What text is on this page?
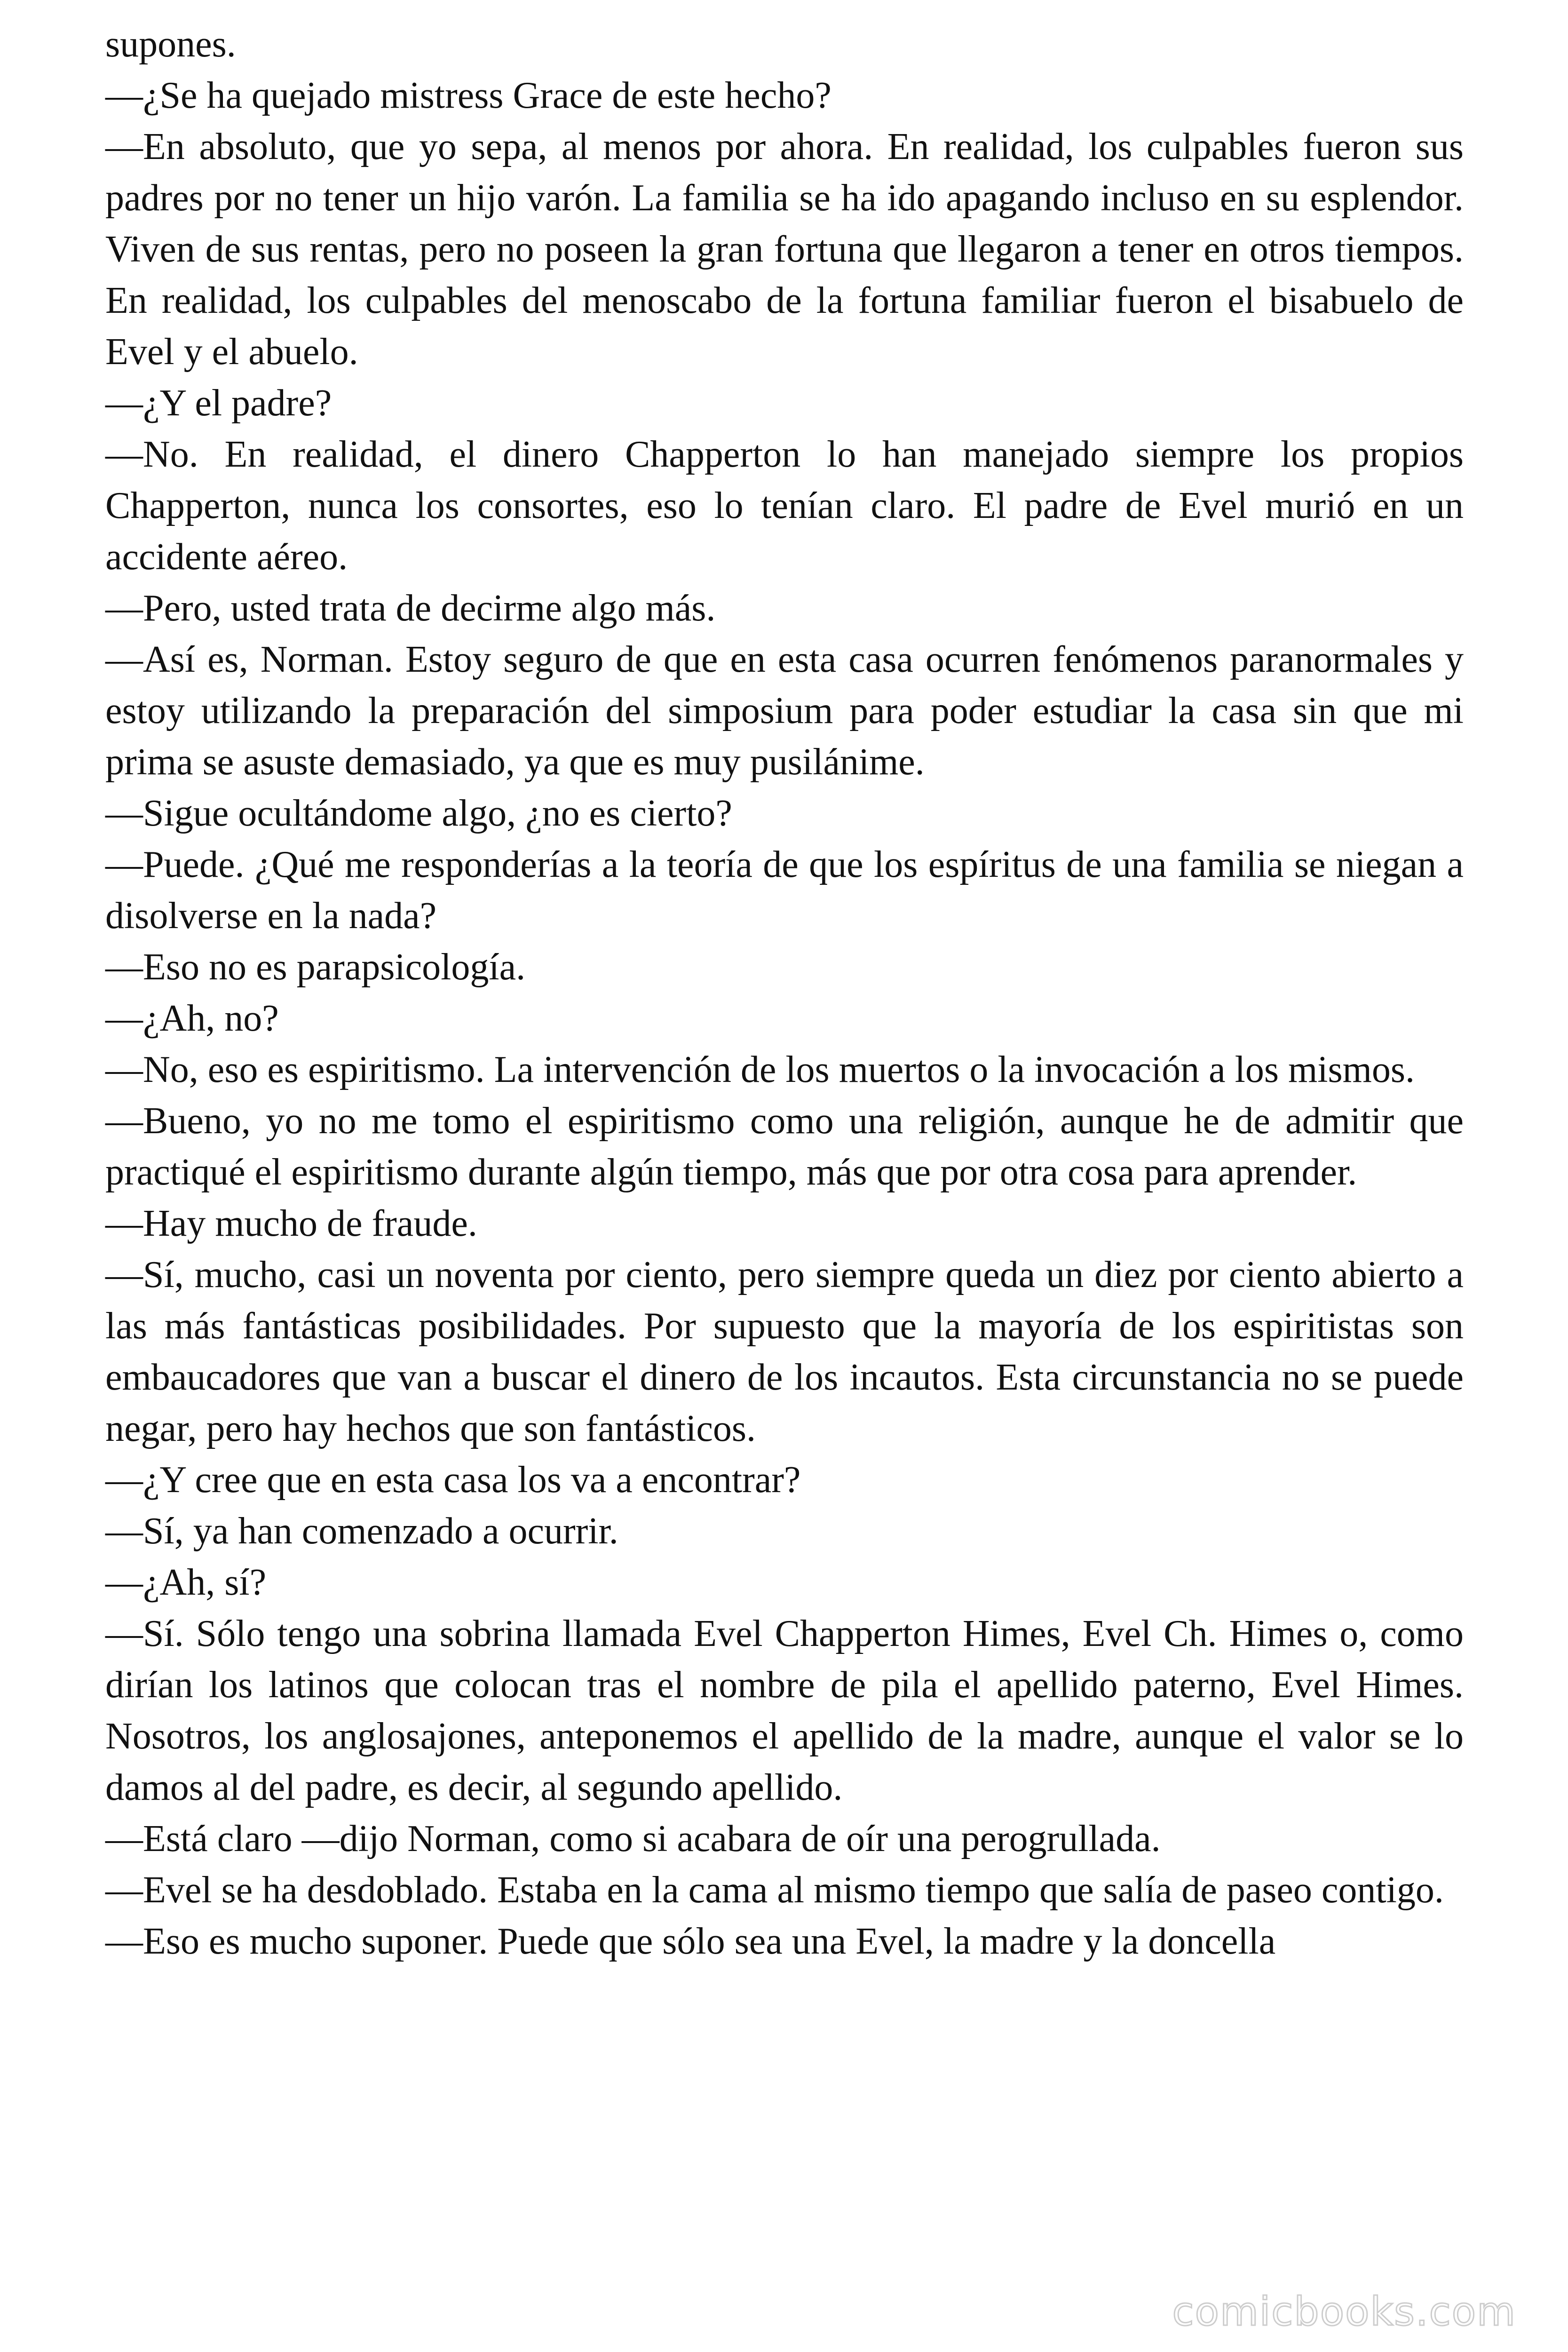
supones.

—¿Se ha quejado mistress Grace de este hecho?

—En absoluto, que yo sepa, al menos por ahora. En realidad, los culpables fueron sus padres por no tener un hijo varón. La familia se ha ido apagando incluso en su esplendor. Viven de sus rentas, pero no poseen la gran fortuna que llegaron a tener en otros tiempos. En realidad, los culpables del menoscabo de la fortuna familiar fueron el bisabuelo de Evel y el abuelo.

—¿Y el padre?

—No. En realidad, el dinero Chapperton lo han manejado siempre los propios Chapperton, nunca los consortes, eso lo tenían claro. El padre de Evel murió en un accidente aéreo.

—Pero, usted trata de decirme algo más.

—Así es, Norman. Estoy seguro de que en esta casa ocurren fenómenos paranormales y estoy utilizando la preparación del simposium para poder estudiar la casa sin que mi prima se asuste demasiado, ya que es muy pusilánime.

—Sigue ocultándome algo, ¿no es cierto?

—Puede. ¿Qué me responderías a la teoría de que los espíritus de una familia se niegan a disolverse en la nada?

—Eso no es parapsicología.

—¿Ah, no?

—No, eso es espiritismo. La intervención de los muertos o la invocación a los mismos.

—Bueno, yo no me tomo el espiritismo como una religión, aunque he de admitir que practiqué el espiritismo durante algún tiempo, más que por otra cosa para aprender.

—Hay mucho de fraude.

—Sí, mucho, casi un noventa por ciento, pero siempre queda un diez por ciento abierto a las más fantásticas posibilidades. Por supuesto que la mayoría de los espiritistas son embaucadores que van a buscar el dinero de los incautos. Esta circunstancia no se puede negar, pero hay hechos que son fantásticos.

—¿Y cree que en esta casa los va a encontrar?

—Sí, ya han comenzado a ocurrir.

—¿Ah, sí?

—Sí. Sólo tengo una sobrina llamada Evel Chapperton Himes, Evel Ch. Himes o, como dirían los latinos que colocan tras el nombre de pila el apellido paterno, Evel Himes. Nosotros, los anglosajones, anteponemos el apellido de la madre, aunque el valor se lo damos al del padre, es decir, al segundo apellido.

—Está claro —dijo Norman, como si acabara de oír una perogrullada.

—Evel se ha desdoblado. Estaba en la cama al mismo tiempo que salía de paseo contigo.

—Eso es mucho suponer. Puede que sólo sea una Evel, la madre y la doncella

comicbooks.com
